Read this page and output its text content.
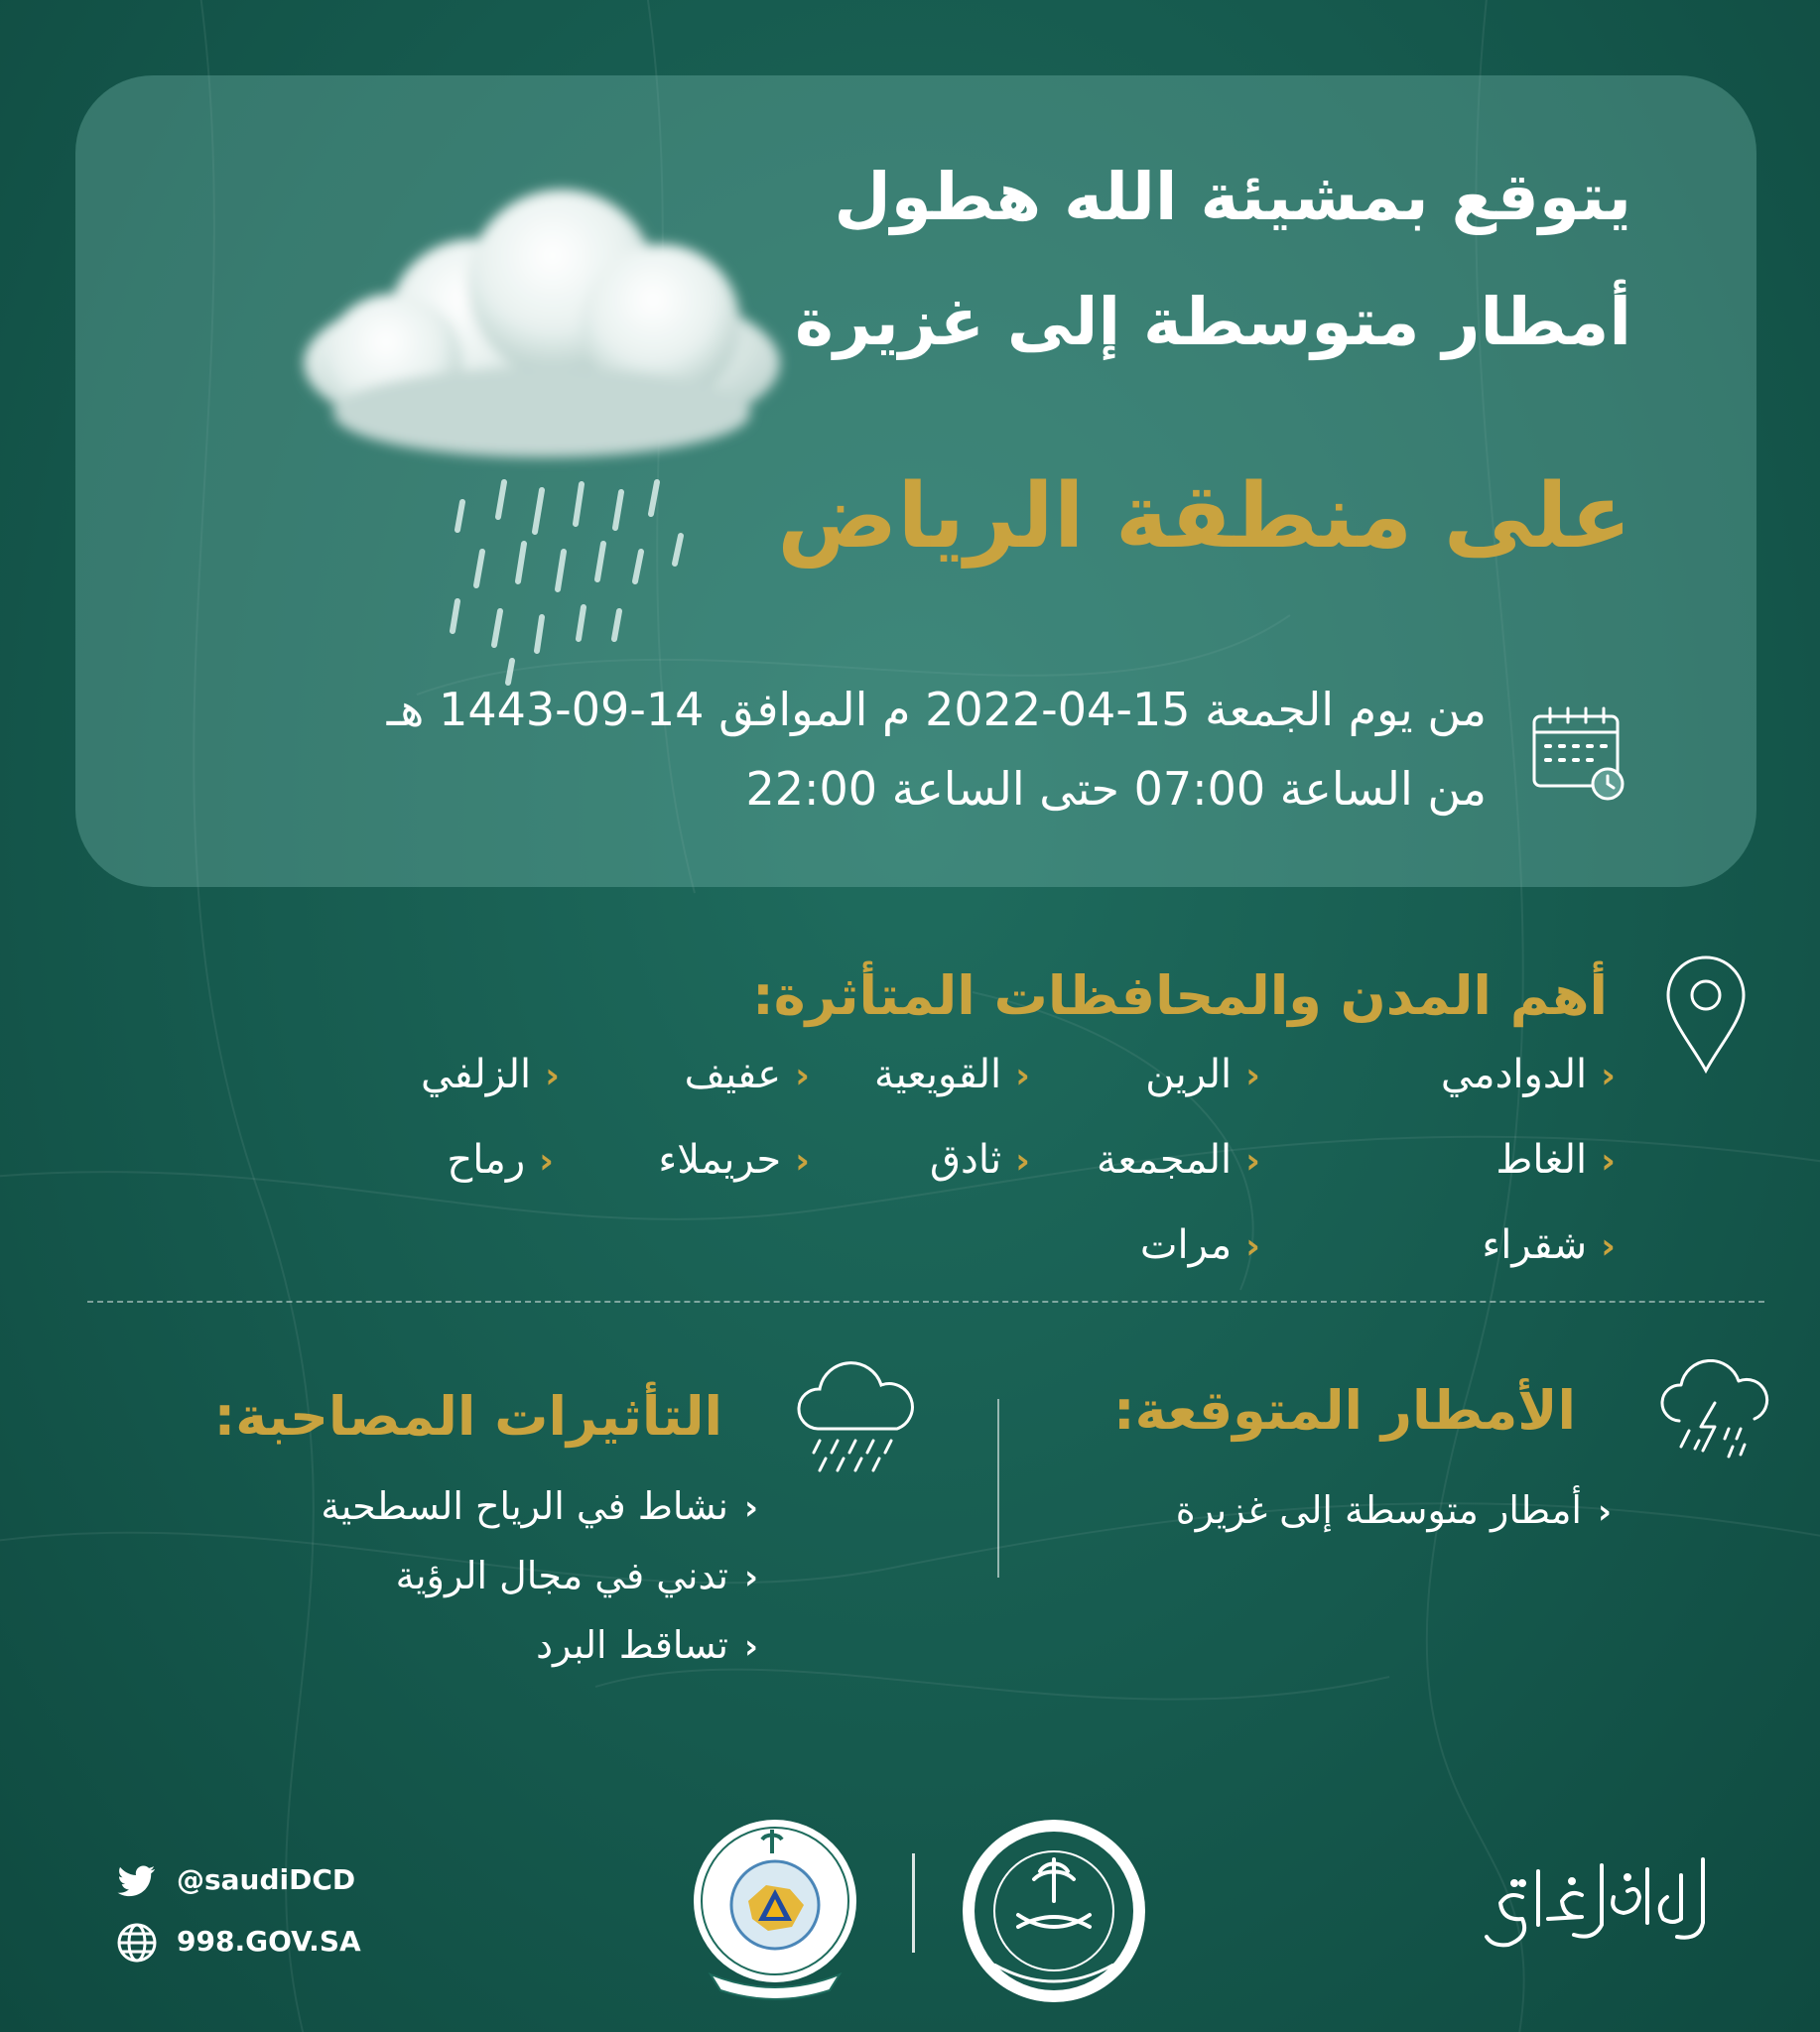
يتوقع بمشيئة الله هطول
أمطار متوسطة إلى غزيرة
على منطقة الرياض
من يوم الجمعة 15-04-2022 م الموافق 14-09-1443 هـ
من الساعة 07:00 حتى الساعة 22:00
أهم المدن والمحافظات المتأثرة:
‹الدوادمي
‹الرين
‹القويعية
‹عفيف
‹الزلفي
‹الغاط
‹المجمعة
‹ثادق
‹حريملاء
‹رماح
‹شقراء
‹مرات
الأمطار المتوقعة:
‹أمطار متوسطة إلى غزيرة
التأثيرات المصاحبة:
‹نشاط في الرياح السطحية
‹تدني في مجال الرؤية
‹تساقط البرد
@saudiDCD
998.GOV.SA
